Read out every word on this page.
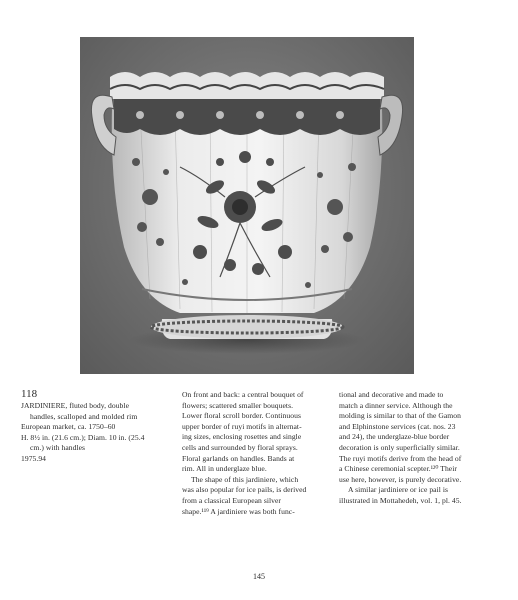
118

JARDINIERE, fluted body, double

handles, scalloped and molded rim

European market, ca. 1750–60

H. 8½ in. (21.6 cm.); Diam. 10 in. (25.4

cm.) with handles

1975.94

On front and back: a central bouquet of

flowers; scattered smaller bouquets.

Lower floral scroll border. Continuous

upper border of ruyi motifs in alternat-

ing sizes, enclosing rosettes and single

cells and surrounded by floral sprays.

Floral garlands on handles. Bands at

rim. All in underglaze blue.

The shape of this jardiniere, which

was also popular for ice pails, is derived

from a classical European silver

shape.¹¹⁹ A jardiniere was both func-

tional and decorative and made to

match a dinner service. Although the

molding is similar to that of the Gamon

and Elphinstone services (cat. nos. 23

and 24), the underglaze-blue border

decoration is only superficially similar.

The ruyi motifs derive from the head of

a Chinese ceremonial scepter.¹²⁰ Their

use here, however, is purely decorative.

A similar jardiniere or ice pail is

illustrated in Mottahedeh, vol. 1, pl. 45.

145
